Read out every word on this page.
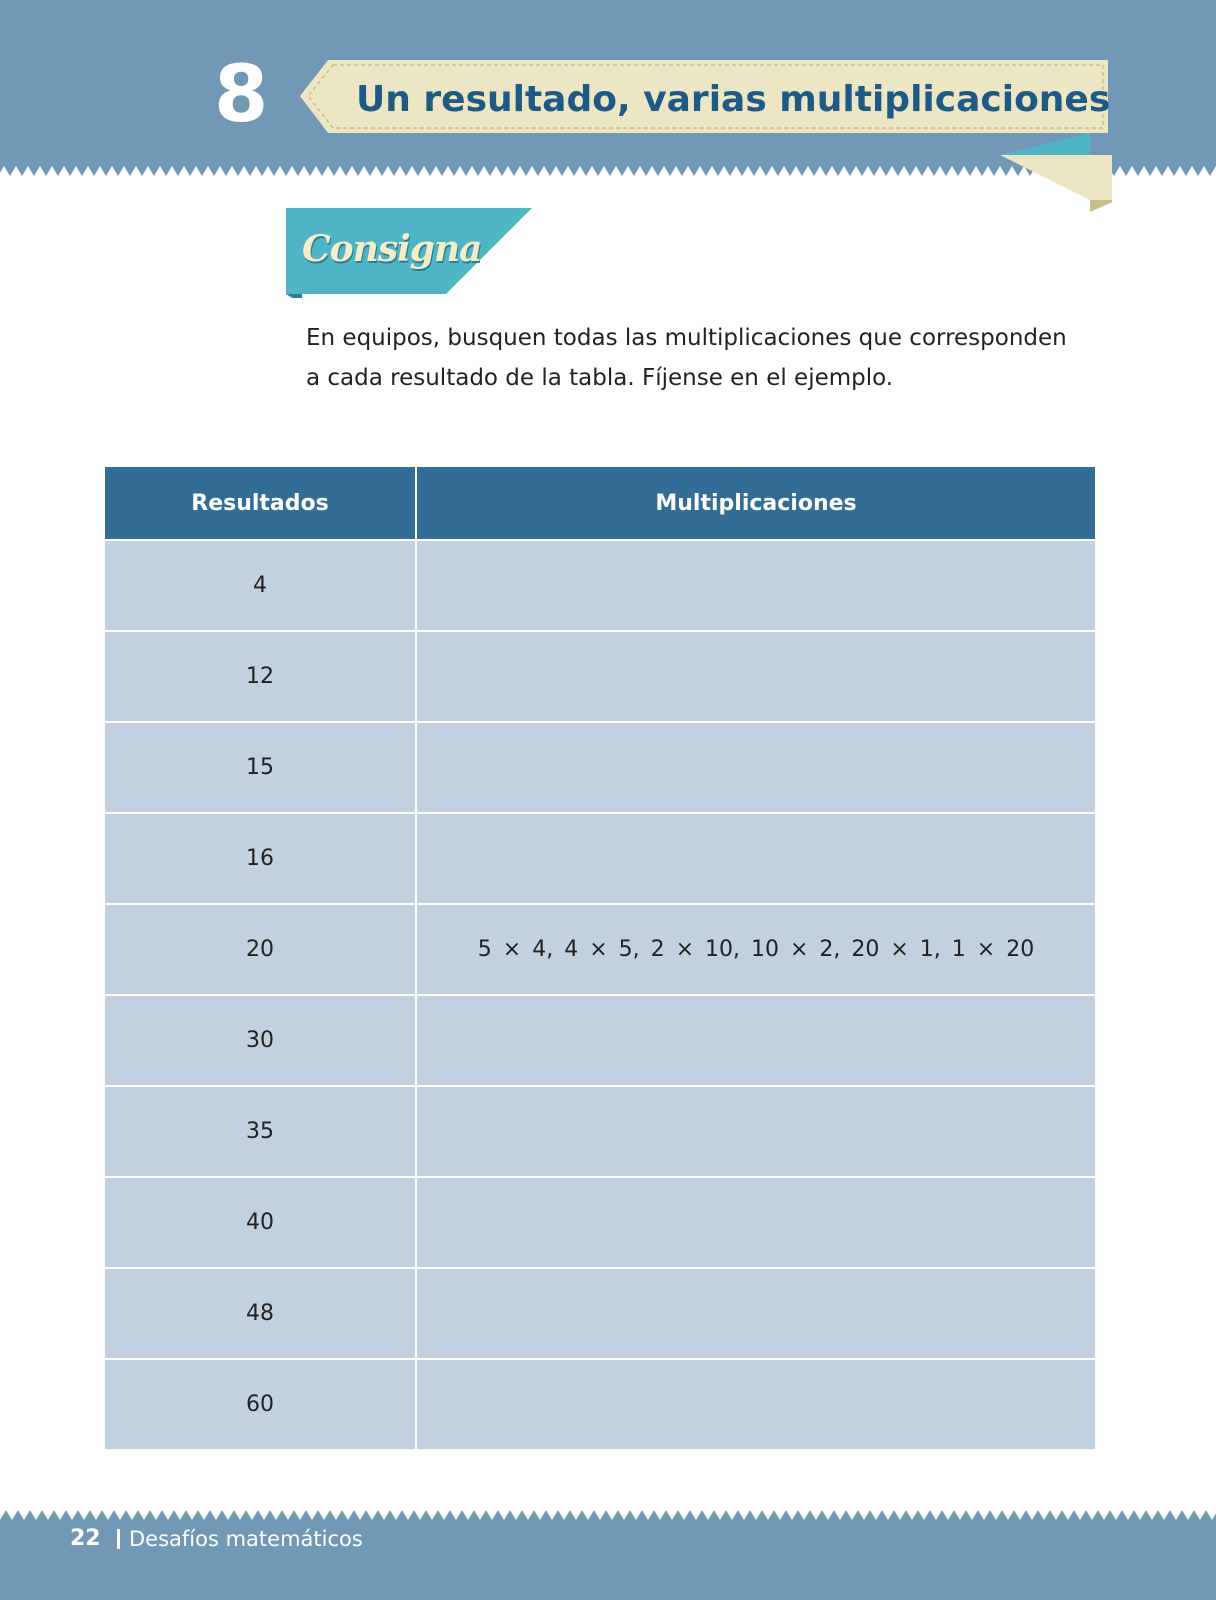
8 Un resultado, varias multiplicaciones
Consigna

En equipos, busquen todas las multiplicaciones que corresponden
a cada resultado de la tabla. Fíjense en el ejemplo.

Resultados	Multiplicaciones
4	
12	
15	
16	
20	5 × 4, 4 × 5, 2 × 10, 10 × 2, 20 × 1, 1 × 20
30	
35	
40	
48	
60	
22 Desafíos matemáticos
